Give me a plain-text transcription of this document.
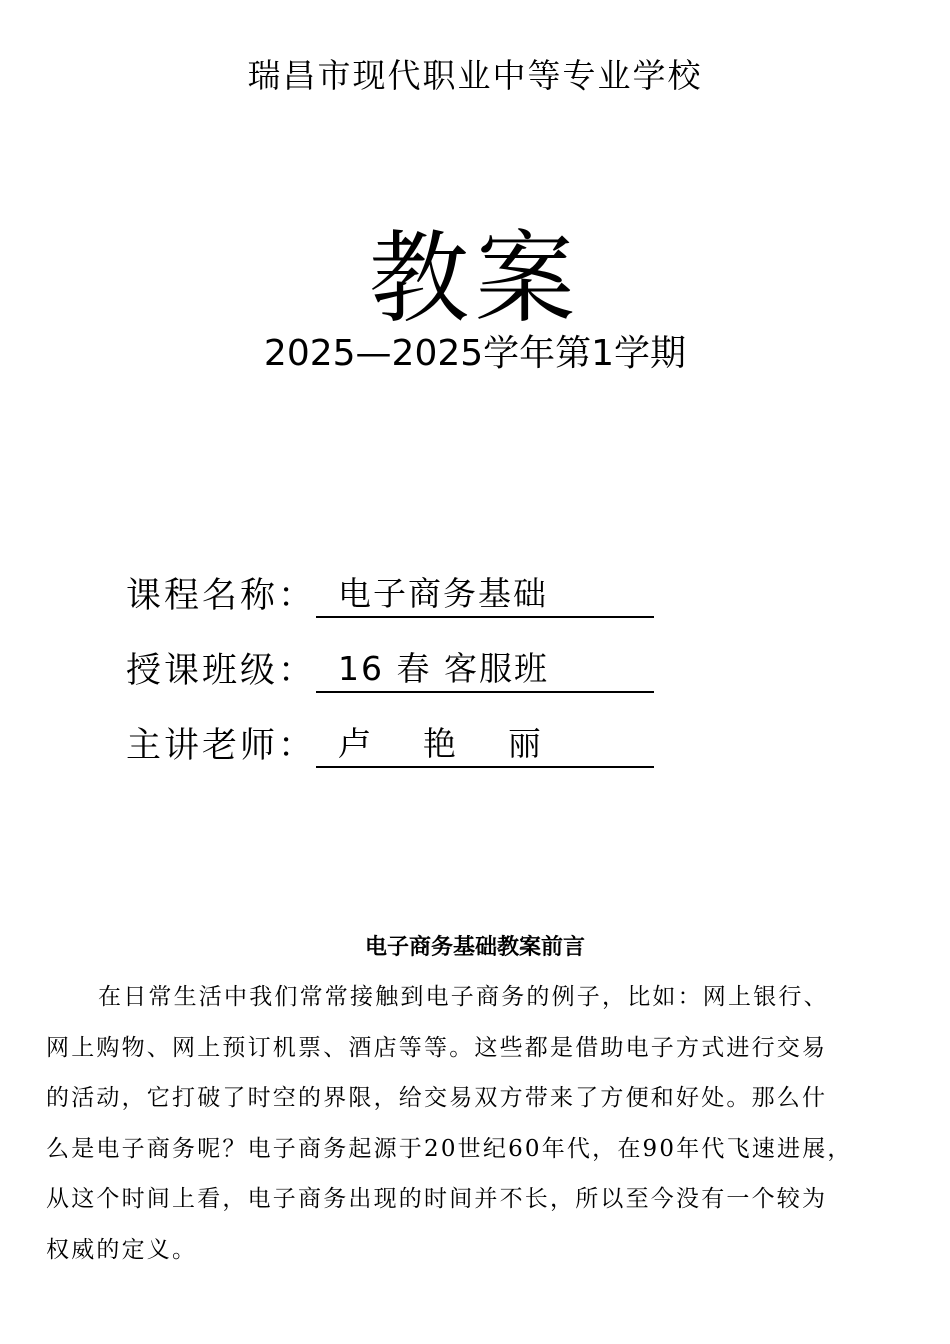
瑞昌市现代职业中等专业学校
教案
2025—2025学年第1学期
课程名称： 电子商务基础
授课班级： 16 春 客服班
主讲老师： 卢    艳    丽
电子商务基础教案前言
在日常生活中我们常常接触到电子商务的例子，比如：网上银行、
网上购物、网上预订机票、酒店等等。这些都是借助电子方式进行交易
的活动，它打破了时空的界限，给交易双方带来了方便和好处。那么什
么是电子商务呢？电子商务起源于20世纪60年代，在90年代飞速进展，
从这个时间上看，电子商务出现的时间并不长，所以至今没有一个较为
权威的定义。
